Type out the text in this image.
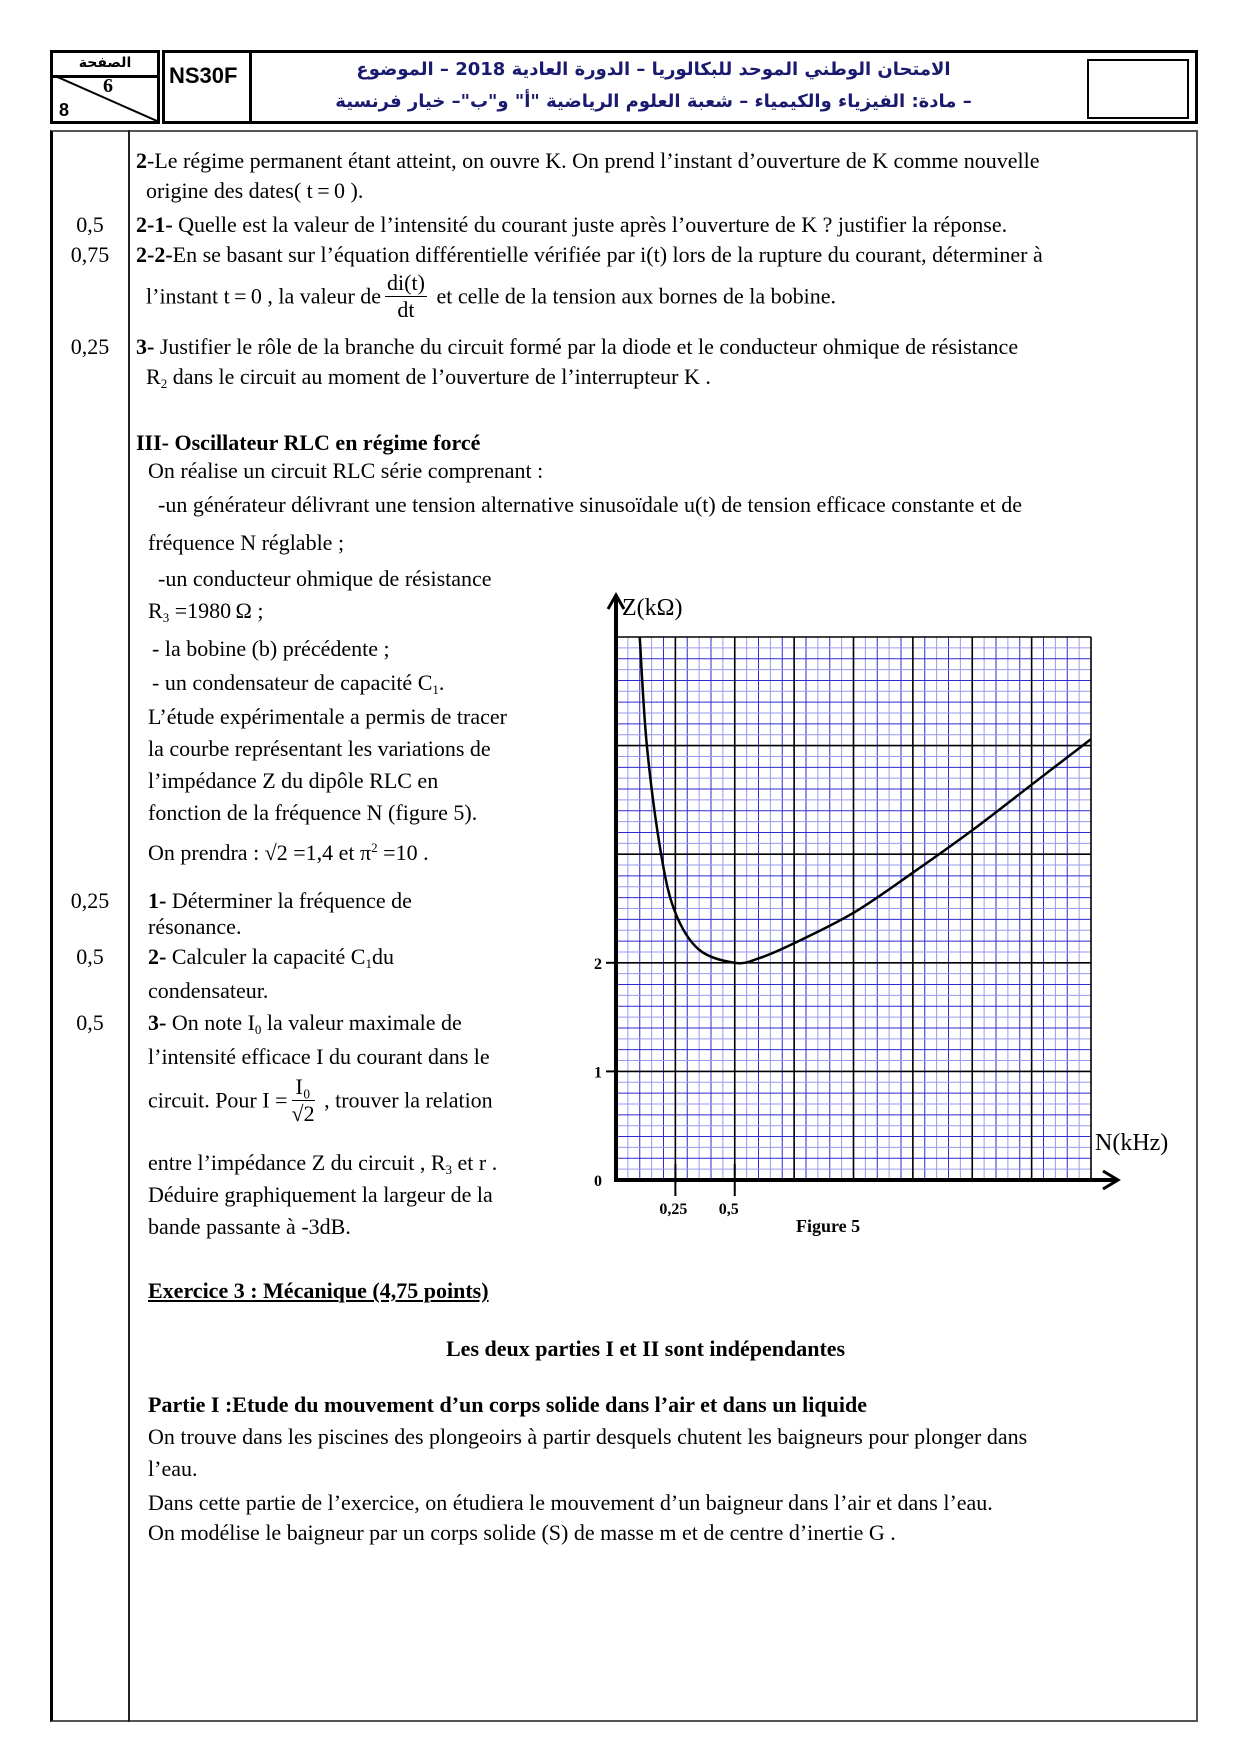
الصفحة
6
8
NS30F	الامتحان الوطني الموحد للبكالوريا – الدورة العادية 2018 – الموضوع
– مادة: الفيزياء والكيمياء – شعبة العلوم الرياضية "أ" و"ب"– خيار فرنسية
0,5
0,75
0,25
0,25
0,5
0,5
2-Le régime permanent étant atteint, on ouvre K. On prend l’instant d’ouverture de K comme nouvelle
origine des dates( t = 0 ).
2-1- Quelle est la valeur de l’intensité du courant juste après l’ouverture de K ? justifier la réponse.
2-2-En se basant sur l’équation différentielle vérifiée par i(t) lors de la rupture du courant, déterminer à
l’instant t = 0 , la valeur de $\frac{di(t)}{dt}$ et celle de la tension aux bornes de la bobine.
3- Justifier le rôle de la branche du circuit formé par la diode et le conducteur ohmique de résistance
$R_2$ dans le circuit au moment de l’ouverture de l’interrupteur K .
III- Oscillateur RLC en régime forcé
On réalise un circuit RLC série comprenant :
-un générateur délivrant une tension alternative sinusoïdale u(t) de tension efficace constante et de
fréquence N réglable ;
-un conducteur ohmique de résistance
$R_3 =1980$ Ω ;
- la bobine (b) précédente ;
- un condensateur de capacité $C_1$.
L’étude expérimentale a permis de tracer
la courbe représentant les variations de
l’impédance Z du dipôle RLC en
fonction de la fréquence N (figure 5).
On prendra : √2 =1,4 et $\pi^2 =10$ .
1- Déterminer la fréquence de
résonance.
2- Calculer la capacité $C_1du$
condensateur.
3- On note $I_0$ la valeur maximale de
l’intensité efficace I du courant dans le
circuit. Pour $I = \frac{\text{I₀}}{√2}$ , trouver la relation
entre l’impédance Z du circuit , $R_3$ et r .
Déduire graphiquement la largeur de la
bande passante à -3dB.
Z(kΩ)
N(kHz)
0
1
2
0,25 0,5
Figure 5
Exercice 3 : Mécanique (4,75 points)
Les deux parties I et II sont indépendantes
Partie I :Etude du mouvement d’un corps solide dans l’air et dans un liquide
On trouve dans les piscines des plongeoirs à partir desquels chutent les baigneurs pour plonger dans
l’eau.
Dans cette partie de l’exercice, on étudiera le mouvement d’un baigneur dans l’air et dans l’eau.
On modélise le baigneur par un corps solide (S) de masse m et de centre d’inertie G .
